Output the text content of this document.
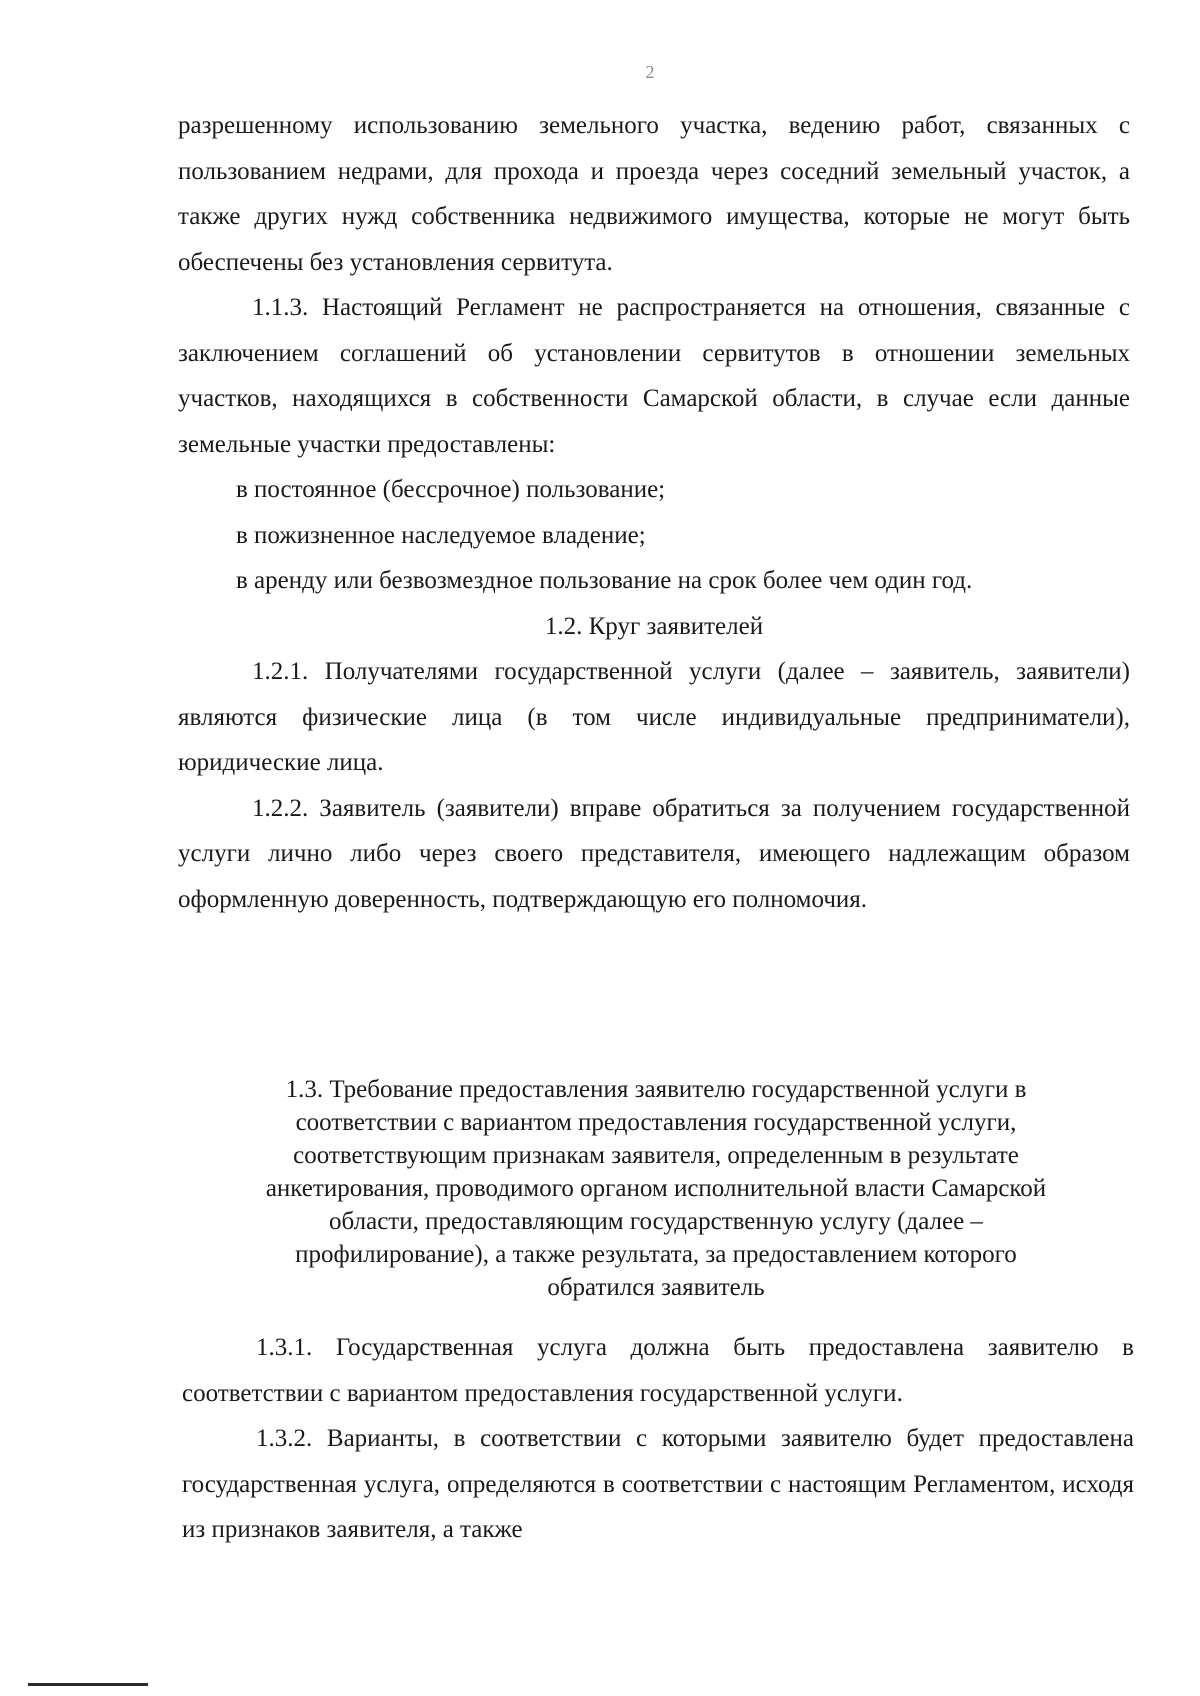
2

разрешенному использованию земельного участка, ведению работ, связанных с пользованием недрами, для прохода и проезда через соседний земельный участок, а также других нужд собственника недвижимого имущества, которые не могут быть обеспечены без установления сервитута.

1.1.3. Настоящий Регламент не распространяется на отношения, связанные с заключением соглашений об установлении сервитутов в отношении земельных участков, находящихся в собственности Самарской области, в случае если данные земельные участки предоставлены:

в постоянное (бессрочное) пользование;

в пожизненное наследуемое владение;

в аренду или безвозмездное пользование на срок более чем один год.

1.2. Круг заявителей

1.2.1. Получателями государственной услуги (далее – заявитель, заявители) являются физические лица (в том числе индивидуальные предприниматели), юридические лица.

1.2.2. Заявитель (заявители) вправе обратиться за получением государственной услуги лично либо через своего представителя, имеющего надлежащим образом оформленную доверенность, подтверждающую его полномочия.

1.3. Требование предоставления заявителю государственной услуги в
соответствии с вариантом предоставления государственной услуги,
соответствующим признакам заявителя, определенным в результате
анкетирования, проводимого органом исполнительной власти Самарской
области, предоставляющим государственную услугу (далее –
профилирование), а также результата, за предоставлением которого
обратился заявитель

1.3.1. Государственная услуга должна быть предоставлена заявителю в соответствии с вариантом предоставления государственной услуги.

1.3.2. Варианты, в соответствии с которыми заявителю будет предоставлена государственная услуга, определяются в соответствии с настоящим Регламентом, исходя из признаков заявителя, а также
